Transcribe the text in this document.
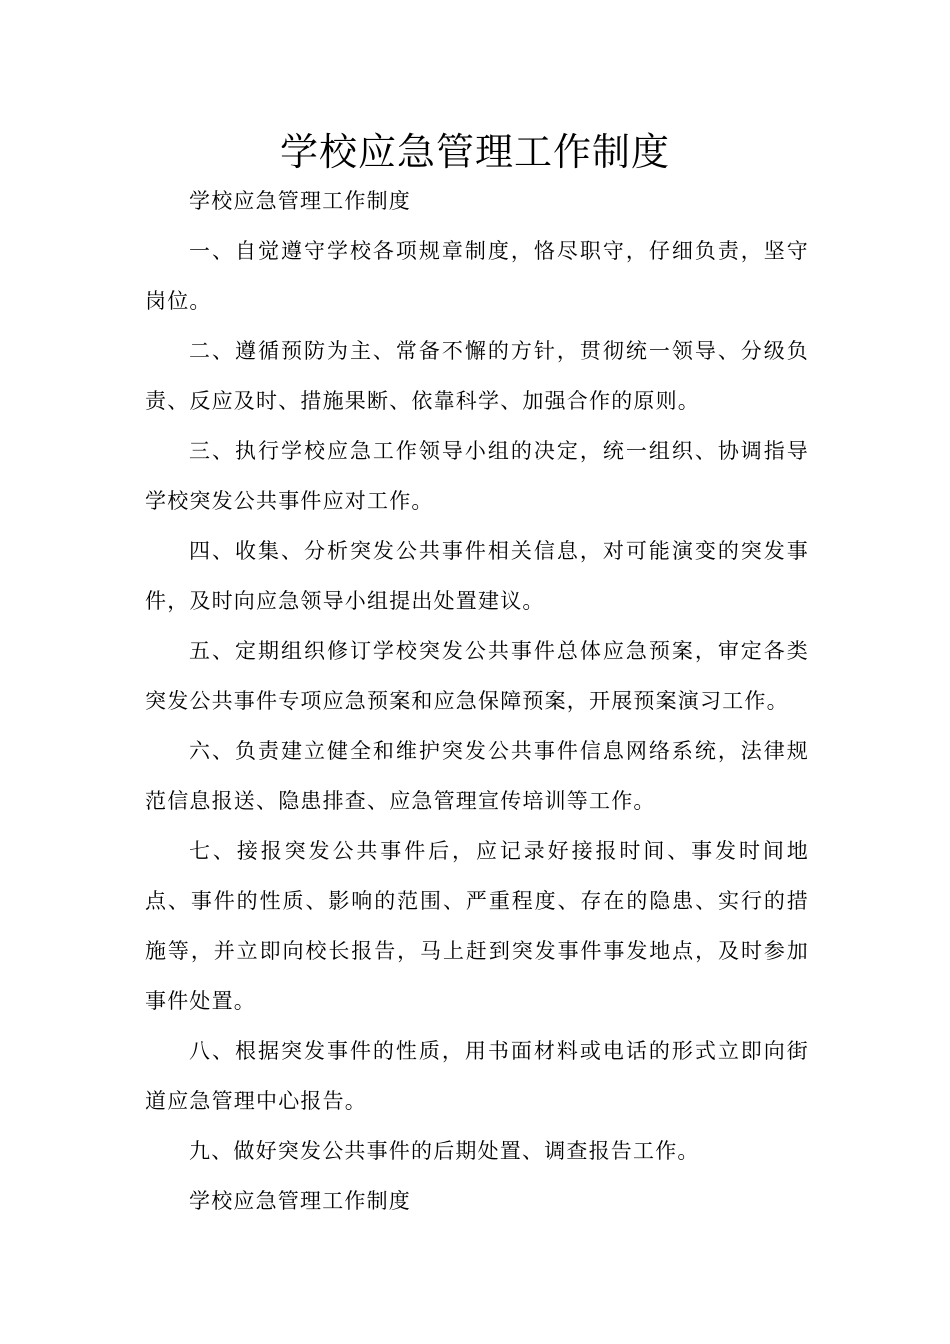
学校应急管理工作制度

学校应急管理工作制度

一、自觉遵守学校各项规章制度，恪尽职守，仔细负责，坚守岗位。

二、遵循预防为主、常备不懈的方针，贯彻统一领导、分级负责、反应及时、措施果断、依靠科学、加强合作的原则。

三、执行学校应急工作领导小组的决定，统一组织、协调指导学校突发公共事件应对工作。

四、收集、分析突发公共事件相关信息，对可能演变的突发事件，及时向应急领导小组提出处置建议。

五、定期组织修订学校突发公共事件总体应急预案，审定各类突发公共事件专项应急预案和应急保障预案，开展预案演习工作。

六、负责建立健全和维护突发公共事件信息网络系统，法律规范信息报送、隐患排查、应急管理宣传培训等工作。

七、接报突发公共事件后，应记录好接报时间、事发时间地点、事件的性质、影响的范围、严重程度、存在的隐患、实行的措施等，并立即向校长报告，马上赶到突发事件事发地点，及时参加事件处置。

八、根据突发事件的性质，用书面材料或电话的形式立即向街道应急管理中心报告。

九、做好突发公共事件的后期处置、调查报告工作。

学校应急管理工作制度
